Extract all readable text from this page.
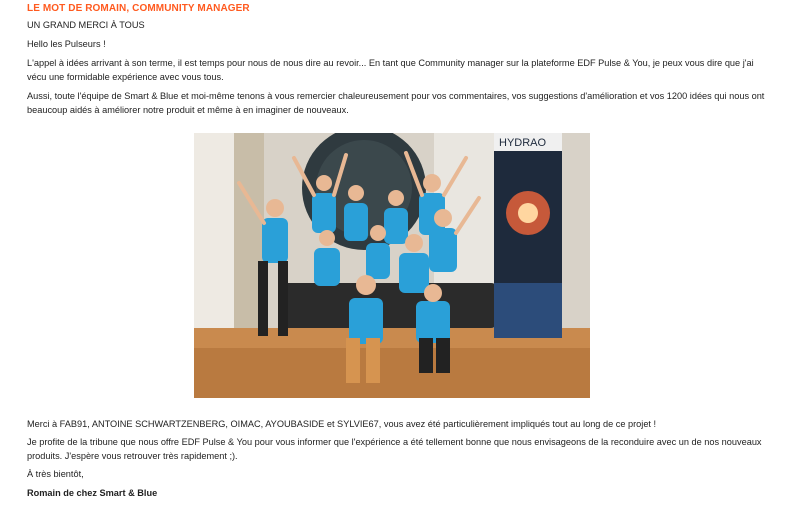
LE MOT DE ROMAIN, COMMUNITY MANAGER
UN GRAND MERCI À TOUS
Hello les Pulseurs !
L'appel à idées arrivant à son terme, il est temps pour nous de nous dire au revoir... En tant que Community manager sur la plateforme EDF Pulse & You, je peux vous dire que j'ai vécu une formidable expérience avec vous tous.
Aussi, toute l'équipe de Smart & Blue et moi-même tenons à vous remercier chaleureusement pour vos commentaires, vos suggestions d'amélioration et vos 1200 idées qui nous ont beaucoup aidés à améliorer notre produit et même à en imaginer de nouveaux.
HYDRAO
Merci à FAB91, ANTOINE SCHWARTZENBERG, OIMAC, AYOUBASIDE et SYLVIE67, vous avez été particulièrement impliqués tout au long de ce projet !
Je profite de la tribune que nous offre EDF Pulse & You pour vous informer que l'expérience a été tellement bonne que nous envisageons de la reconduire avec un de nos nouveaux produits. J'espère vous retrouver très rapidement ;).
À très bientôt,
Romain de chez Smart & Blue
